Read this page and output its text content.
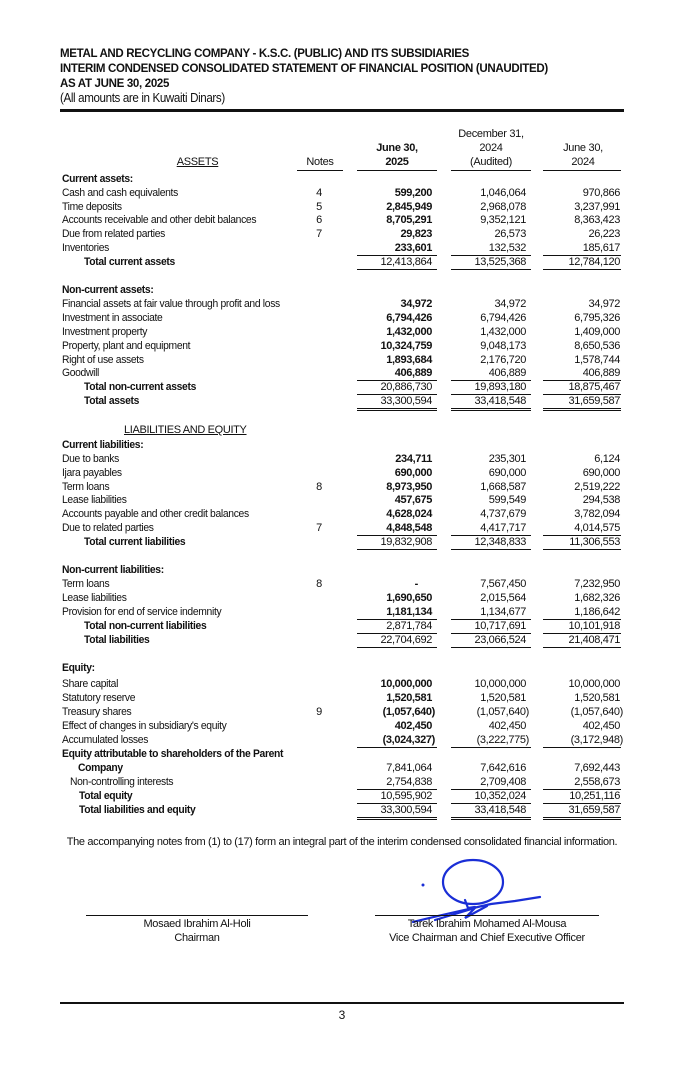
METAL AND RECYCLING COMPANY - K.S.C. (PUBLIC) AND ITS SUBSIDIARIES
INTERIM CONDENSED CONSOLIDATED STATEMENT OF FINANCIAL POSITION (UNAUDITED)
AS AT JUNE 30, 2025
(All amounts are in Kuwaiti Dinars)
ASSETS	Notes
June 30,
2025
December 31,
2024
(Audited)
June 30,
2024
Current assets:
Cash and cash equivalents	4	599,200	1,046,064	970,866
Time deposits	5	2,845,949	2,968,078	3,237,991
Accounts receivable and other debit balances	6	8,705,291	9,352,121	8,363,423
Due from related parties	7	29,823	26,573	26,223
Inventories	233,601	132,532	185,617
Total current assets	12,413,864	13,525,368	12,784,120
Non-current assets:
Financial assets at fair value through profit and loss	34,972	34,972	34,972
Investment in associate	6,794,426	6,794,426	6,795,326
Investment property	1,432,000	1,432,000	1,409,000
Property, plant and equipment	10,324,759	9,048,173	8,650,536
Right of use assets	1,893,684	2,176,720	1,578,744
Goodwill	406,889	406,889	406,889
Total non-current assets	20,886,730	19,893,180	18,875,467
Total assets	33,300,594	33,418,548	31,659,587
LIABILITIES AND EQUITY
Current liabilities:
Due to banks	234,711	235,301	6,124
Ijara payables	690,000	690,000	690,000
Term loans	8	8,973,950	1,668,587	2,519,222
Lease liabilities	457,675	599,549	294,538
Accounts payable and other credit balances	4,628,024	4,737,679	3,782,094
Due to related parties	7	4,848,548	4,417,717	4,014,575
Total current liabilities	19,832,908	12,348,833	11,306,553
Non-current liabilities:
Term loans	8	-	7,567,450	7,232,950
Lease liabilities	1,690,650	2,015,564	1,682,326
Provision for end of service indemnity	1,181,134	1,134,677	1,186,642
Total non-current liabilities	2,871,784	10,717,691	10,101,918
Total liabilities	22,704,692	23,066,524	21,408,471
Equity:
Share capital	10,000,000	10,000,000	10,000,000
Statutory reserve	1,520,581	1,520,581	1,520,581
Treasury shares	9	(1,057,640)	(1,057,640)	(1,057,640)
Effect of changes in subsidiary's equity	402,450	402,450	402,450
Accumulated losses	(3,024,327)	(3,222,775)	(3,172,948)
Equity attributable to shareholders of the Parent
Company	7,841,064	7,642,616	7,692,443
Non-controlling interests	2,754,838	2,709,408	2,558,673
Total equity	10,595,902	10,352,024	10,251,116
Total liabilities and equity	33,300,594	33,418,548	31,659,587
The accompanying notes from (1) to (17) form an integral part of the interim condensed consolidated financial information.
Mosaed Ibrahim Al-Holi
Chairman
Tarek Ibrahim Mohamed Al-Mousa
Vice Chairman and Chief Executive Officer
3
